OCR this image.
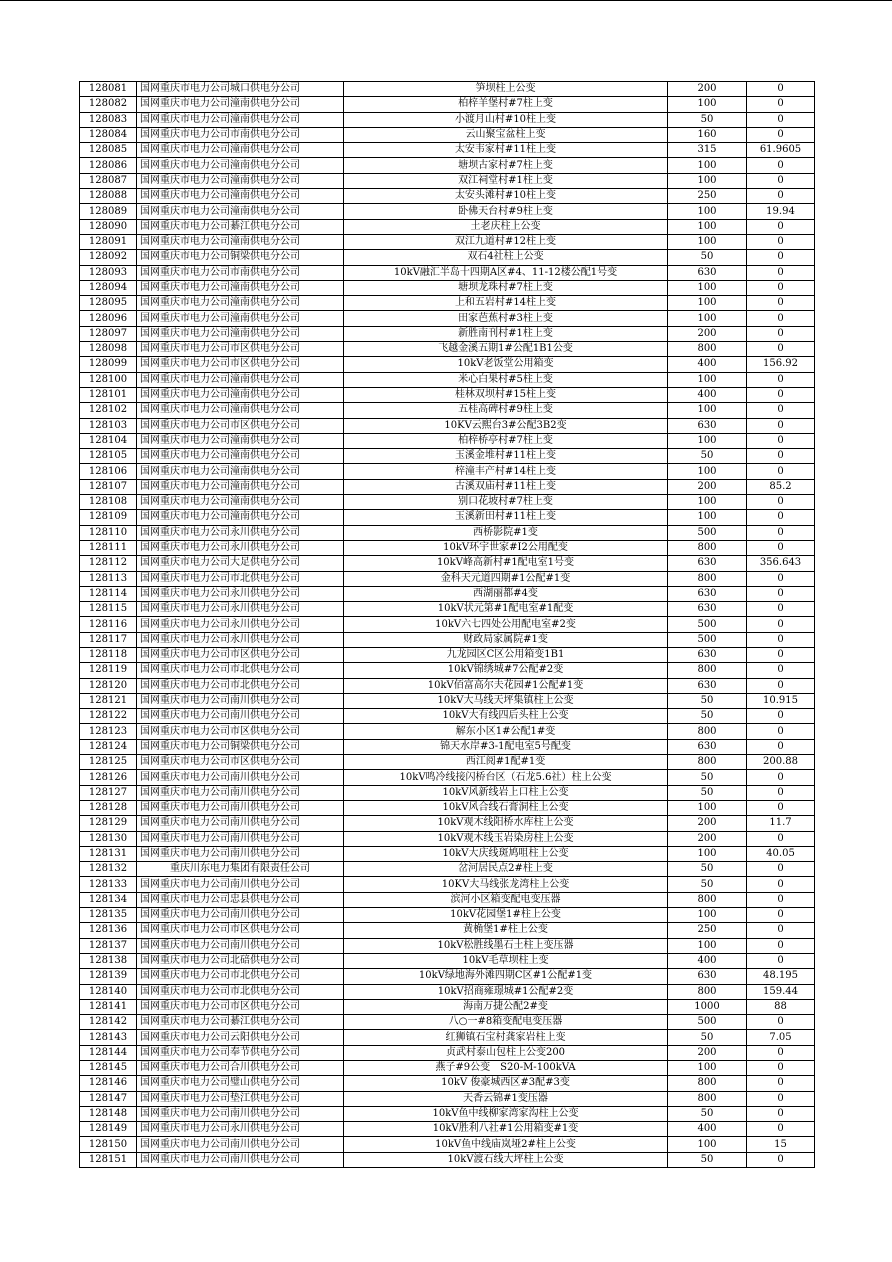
128081	国网重庆市电力公司城口供电分公司	笋坝柱上公变	200	0
128082	国网重庆市电力公司潼南供电分公司	柏梓羊堡村#7柱上变	100	0
128083	国网重庆市电力公司潼南供电分公司	小渡月山村#10柱上变	50	0
128084	国网重庆市电力公司市南供电分公司	云山聚宝盆柱上变	160	0
128085	国网重庆市电力公司潼南供电分公司	太安韦家村#11柱上变	315	61.9605
128086	国网重庆市电力公司潼南供电分公司	塘坝古家村#7柱上变	100	0
128087	国网重庆市电力公司潼南供电分公司	双江祠堂村#1柱上变	100	0
128088	国网重庆市电力公司潼南供电分公司	太安头滩村#10柱上变	250	0
128089	国网重庆市电力公司潼南供电分公司	卧佛天台村#9柱上变	100	19.94
128090	国网重庆市电力公司綦江供电分公司	土老庆柱上公变	100	0
128091	国网重庆市电力公司潼南供电分公司	双江九道村#12柱上变	100	0
128092	国网重庆市电力公司铜梁供电分公司	双石4社柱上公变	50	0
128093	国网重庆市电力公司市南供电分公司	10kV融汇半岛十四期A区#4、11-12楼公配1号变	630	0
128094	国网重庆市电力公司潼南供电分公司	塘坝龙珠村#7柱上变	100	0
128095	国网重庆市电力公司潼南供电分公司	上和五岩村#14柱上变	100	0
128096	国网重庆市电力公司潼南供电分公司	田家芭蕉村#3柱上变	100	0
128097	国网重庆市电力公司潼南供电分公司	新胜南刊村#1柱上变	200	0
128098	国网重庆市电力公司市区供电分公司	飞越金溪五期1#公配1B1公变	800	0
128099	国网重庆市电力公司市区供电分公司	10kV老饭堂公用箱变	400	156.92
128100	国网重庆市电力公司潼南供电分公司	米心白果村#5柱上变	100	0
128101	国网重庆市电力公司潼南供电分公司	桂林双坝村#15柱上变	400	0
128102	国网重庆市电力公司潼南供电分公司	五桂高碑村#9柱上变	100	0
128103	国网重庆市电力公司市区供电分公司	10KV云熙台3#公配3B2变	630	0
128104	国网重庆市电力公司潼南供电分公司	柏梓桥亭村#7柱上变	100	0
128105	国网重庆市电力公司潼南供电分公司	玉溪金堆村#11柱上变	50	0
128106	国网重庆市电力公司潼南供电分公司	梓潼丰产村#14柱上变	100	0
128107	国网重庆市电力公司潼南供电分公司	古溪双庙村#11柱上变	200	85.2
128108	国网重庆市电力公司潼南供电分公司	别口花坡村#7柱上变	100	0
128109	国网重庆市电力公司潼南供电分公司	玉溪新田村#11柱上变	100	0
128110	国网重庆市电力公司永川供电分公司	西桥影院#1变	500	0
128111	国网重庆市电力公司永川供电分公司	10kV环宇世家#I2公用配变	800	0
128112	国网重庆市电力公司大足供电分公司	10kV峰高新村#1配电室1号变	630	356.643
128113	国网重庆市电力公司市北供电分公司	金科天元道四期#1公配#1变	800	0
128114	国网重庆市电力公司永川供电分公司	西湖丽都#4变	630	0
128115	国网重庆市电力公司永川供电分公司	10kV状元第#1配电室#1配变	630	0
128116	国网重庆市电力公司永川供电分公司	10kV六七四处公用配电室#2变	500	0
128117	国网重庆市电力公司永川供电分公司	财政局家属院#1变	500	0
128118	国网重庆市电力公司市区供电分公司	九龙园区C区公用箱变1B1	630	0
128119	国网重庆市电力公司市北供电分公司	10kV锦绣城#7公配#2变	800	0
128120	国网重庆市电力公司市北供电分公司	10kV佰富高尔夫花园#1公配#1变	630	0
128121	国网重庆市电力公司南川供电分公司	10kV大马线天坪集镇柱上公变	50	10.915
128122	国网重庆市电力公司南川供电分公司	10kV大有线四后头柱上公变	50	0
128123	国网重庆市电力公司市区供电分公司	解东小区1#公配1#变	800	0
128124	国网重庆市电力公司铜梁供电分公司	锦天水岸#3-1配电室5号配变	630	0
128125	国网重庆市电力公司市区供电分公司	西江阅#1配#1变	800	200.88
128126	国网重庆市电力公司南川供电分公司	10kV鸣冷线接闪桥台区（石龙5.6社）柱上公变	50	0
128127	国网重庆市电力公司南川供电分公司	10kV风新线岩上口柱上公变	50	0
128128	国网重庆市电力公司南川供电分公司	10kV风合线石膏洞柱上公变	100	0
128129	国网重庆市电力公司南川供电分公司	10kV观木线阳桥水库柱上公变	200	11.7
128130	国网重庆市电力公司南川供电分公司	10kV观木线玉岩染房柱上公变	200	0
128131	国网重庆市电力公司南川供电分公司	10kV大庆线斑鸠咀柱上公变	100	40.05
128132	重庆川东电力集团有限责任公司	岔河居民点2#柱上变	50	0
128133	国网重庆市电力公司南川供电分公司	10KV大马线张龙湾柱上公变	50	0
128134	国网重庆市电力公司忠县供电分公司	滨河小区箱变配电变压器	800	0
128135	国网重庆市电力公司南川供电分公司	10kV花园堡1#柱上公变	100	0
128136	国网重庆市电力公司市区供电分公司	黄桷堡1#柱上公变	250	0
128137	国网重庆市电力公司南川供电分公司	10kV松胜线墨石土柱上变压器	100	0
128138	国网重庆市电力公司北碚供电分公司	10kV毛草坝柱上变	400	0
128139	国网重庆市电力公司市北供电分公司	10kV绿地海外滩四期C区#1公配#1变	630	48.195
128140	国网重庆市电力公司市北供电分公司	10kV招商雍璟城#1公配#2变	800	159.44
128141	国网重庆市电力公司市区供电分公司	海南万捷公配2#变	1000	88
128142	国网重庆市电力公司綦江供电分公司	八○一#8箱变配电变压器	500	0
128143	国网重庆市电力公司云阳供电分公司	红狮镇石宝村龚家岩柱上变	50	7.05
128144	国网重庆市电力公司奉节供电分公司	贞武村泰山包柱上公变200	200	0
128145	国网重庆市电力公司合川供电分公司	燕子#9公变　S20-M-100kVA	100	0
128146	国网重庆市电力公司璧山供电分公司	10kV 俊豪城西区#3配#3变	800	0
128147	国网重庆市电力公司垫江供电分公司	天香云锦#1变压器	800	0
128148	国网重庆市电力公司南川供电分公司	10kV鱼中线柳家湾家沟柱上公变	50	0
128149	国网重庆市电力公司永川供电分公司	10kV胜利八社#1公用箱变#1变	400	0
128150	国网重庆市电力公司南川供电分公司	10kV鱼中线庙岚垭2#柱上公变	100	15
128151	国网重庆市电力公司南川供电分公司	10kV渡石线大坪柱上公变	50	0
